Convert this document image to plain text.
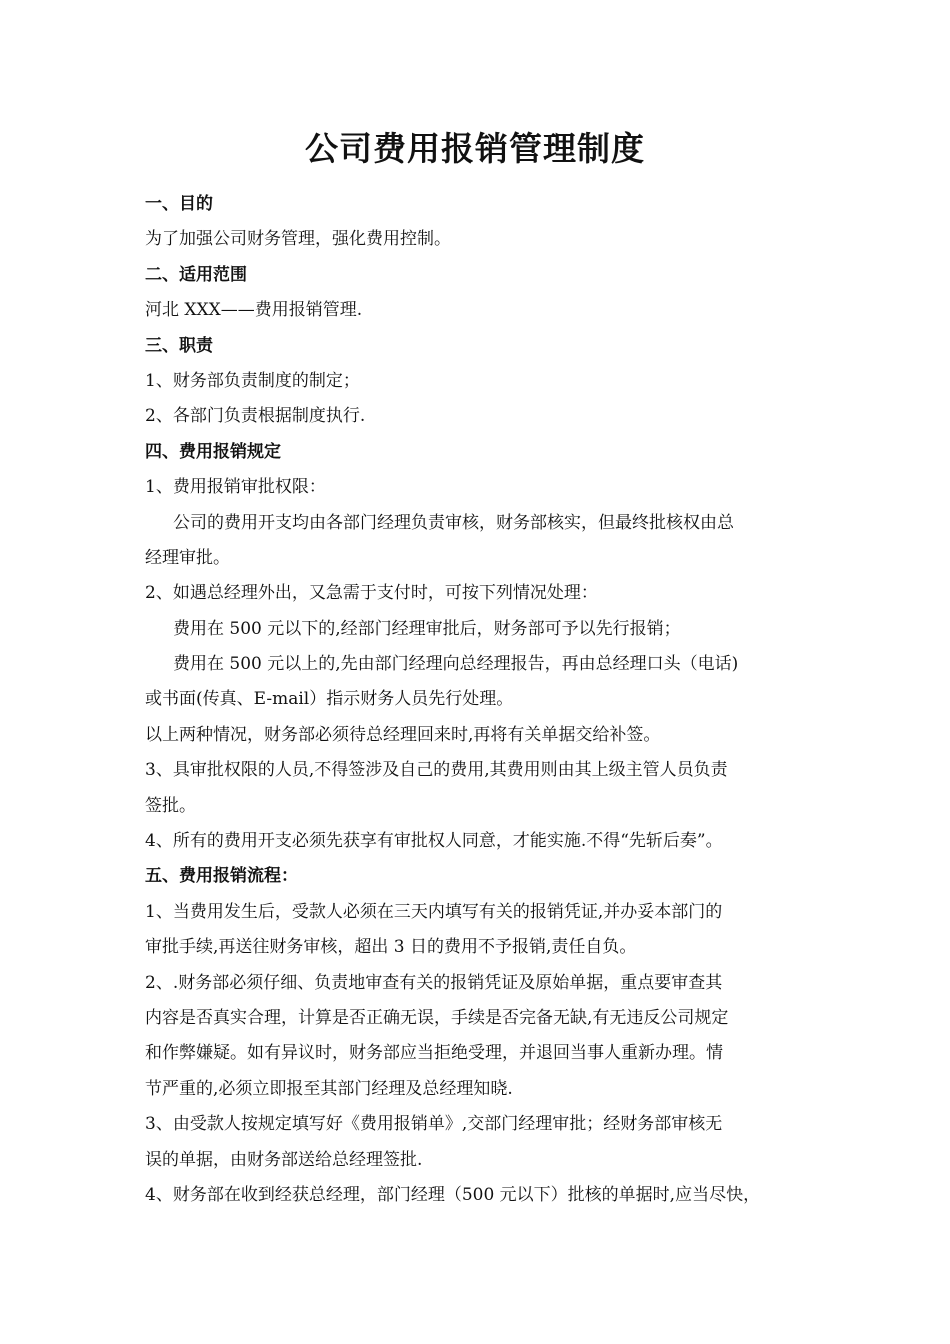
公司费用报销管理制度
一、目的
为了加强公司财务管理，强化费用控制。
二、适用范围
河北 XXX——费用报销管理.
三、职责
1、财务部负责制度的制定；
2、各部门负责根据制度执行.
四、费用报销规定
1、费用报销审批权限：
公司的费用开支均由各部门经理负责审核，财务部核实，但最终批核权由总
经理审批。
2、如遇总经理外出，又急需于支付时，可按下列情况处理：
费用在 500 元以下的,经部门经理审批后，财务部可予以先行报销；
费用在 500 元以上的,先由部门经理向总经理报告，再由总经理口头（电话)
或书面(传真、E-mail）指示财务人员先行处理。
以上两种情况，财务部必须待总经理回来时,再将有关单据交给补签。
3、具审批权限的人员,不得签涉及自己的费用,其费用则由其上级主管人员负责
签批。
4、所有的费用开支必须先获享有审批权人同意，才能实施.不得“先斩后奏”。
五、费用报销流程：
1、当费用发生后，受款人必须在三天内填写有关的报销凭证,并办妥本部门的
审批手续,再送往财务审核，超出 3 日的费用不予报销,责任自负。
2、.财务部必须仔细、负责地审查有关的报销凭证及原始单据，重点要审查其
内容是否真实合理，计算是否正确无误，手续是否完备无缺,有无违反公司规定
和作弊嫌疑。如有异议时，财务部应当拒绝受理，并退回当事人重新办理。情
节严重的,必须立即报至其部门经理及总经理知晓.
3、由受款人按规定填写好《费用报销单》,交部门经理审批；经财务部审核无
误的单据，由财务部送给总经理签批.
4、财务部在收到经获总经理，部门经理（500 元以下）批核的单据时,应当尽快，
